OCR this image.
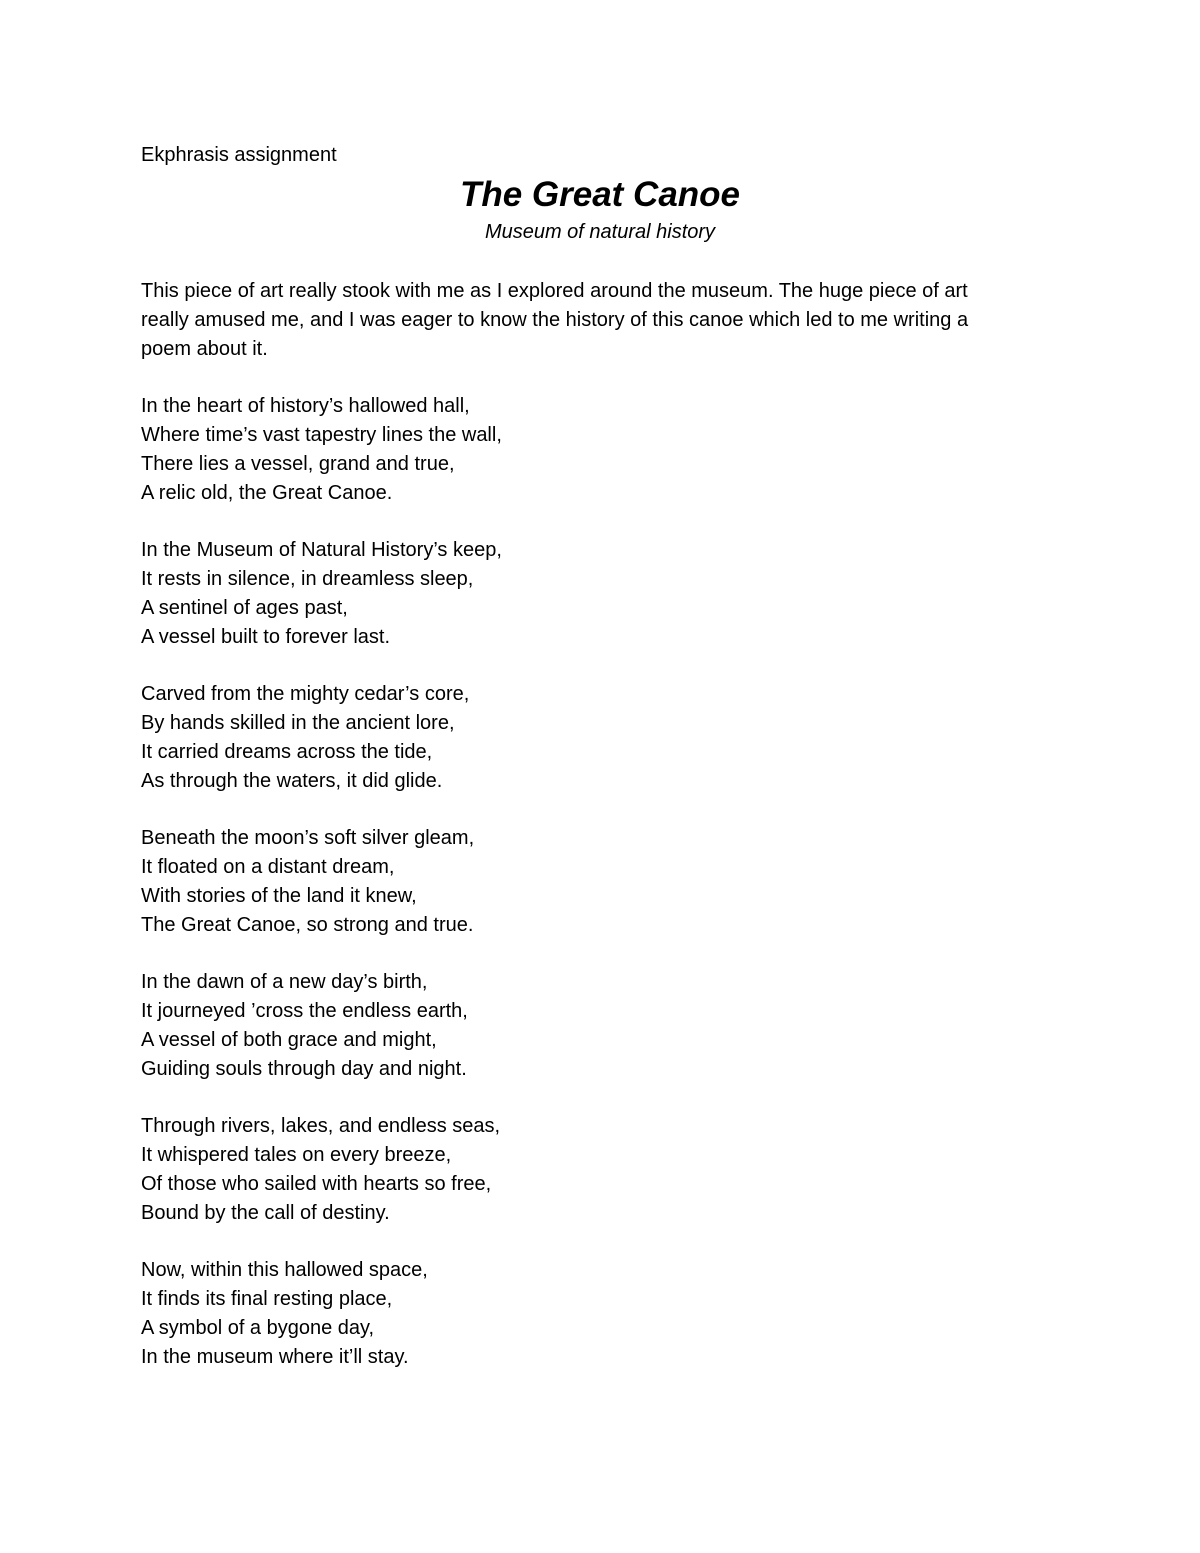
Ekphrasis assignment
The Great Canoe
Museum of natural history
This piece of art really stook with me as I explored around the museum. The huge piece of art
really amused me, and I was eager to know the history of this canoe which led to me writing a
poem about it.
In the heart of history’s hallowed hall,
Where time’s vast tapestry lines the wall,
There lies a vessel, grand and true,
A relic old, the Great Canoe.
In the Museum of Natural History’s keep,
It rests in silence, in dreamless sleep,
A sentinel of ages past,
A vessel built to forever last.
Carved from the mighty cedar’s core,
By hands skilled in the ancient lore,
It carried dreams across the tide,
As through the waters, it did glide.
Beneath the moon’s soft silver gleam,
It floated on a distant dream,
With stories of the land it knew,
The Great Canoe, so strong and true.
In the dawn of a new day’s birth,
It journeyed ’cross the endless earth,
A vessel of both grace and might,
Guiding souls through day and night.
Through rivers, lakes, and endless seas,
It whispered tales on every breeze,
Of those who sailed with hearts so free,
Bound by the call of destiny.
Now, within this hallowed space,
It finds its final resting place,
A symbol of a bygone day,
In the museum where it’ll stay.
